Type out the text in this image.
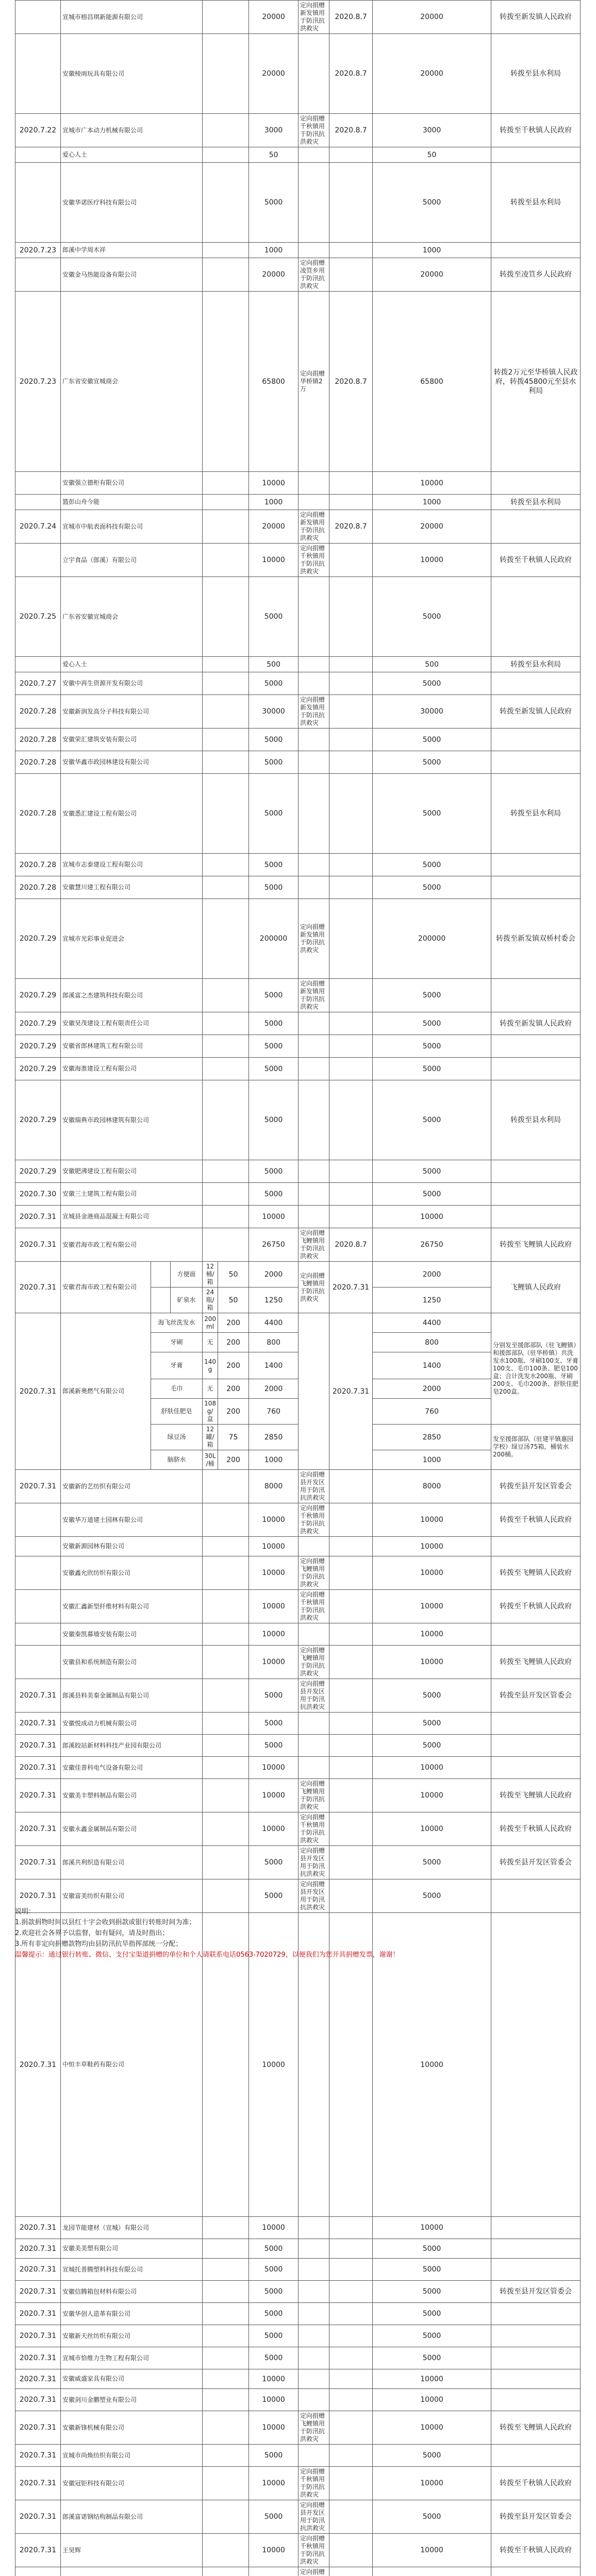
	宣城市榕昌琪新能源有限公司					20000	定向捐赠新发镇用于防汛抗洪救灾	2020.8.7	20000	转拨至新发镇人民政府	
	安徽棱雨玩具有限公司					20000		2020.8.7	20000	转拨至县水利局	
2020.7.22	宣城市广本动力机械有限公司					3000	定向捐赠千秋镇用于防汛抗洪救灾	2020.8.7	3000	转拨至千秋镇人民政府	
	爱心人士					50			50		
	安徽华诺医疗科技有限公司					5000			5000	转拨至县水利局	
2020.7.23	郎溪中学周木祥					1000			1000		
	安徽金马热能设备有限公司					20000	定向捐赠凌笪乡用于防汛抗洪救灾		20000	转拨至凌笪乡人民政府	
2020.7.23	广东省安徽宣城商会					65800	定向捐赠华桥镇2万	2020.8.7	65800	转拨2万元至华桥镇人民政府，转拨45800元至县水利局	
	安徽强立德柜有限公司					10000			10000		
	篮彭山舟今能					1000			1000	转拨至县水利局	
2020.7.24	宣城市中航表面科技有限公司					20000	定向捐赠新发镇用于防汛抗洪救灾	2020.8.7	20000		
	立宇食品（郎溪）有限公司					10000	定向捐赠千秋镇用于防汛抗洪救灾		10000	转拨至千秋镇人民政府	
2020.7.25	广东省安徽宣城商会					5000			5000		
	爱心人士					500			500	转拨至县水利局	
2020.7.27	安徽中再生资源开发有限公司					5000			5000		
2020.7.28	安徽新润发高分子科技有限公司					30000	定向捐赠新发镇用于防汛抗洪救灾		30000	转拨至新发镇人民政府	
2020.7.28	安徽荣汇建筑安装有限公司					5000			5000		
2020.7.28	安徽华鑫市政园林建设有限公司					5000			5000		
2020.7.28	安徽悉汇建设工程有限公司					5000			5000	转拨至县水利局	
2020.7.28	宣城市志泰建设工程有限公司					5000			5000		
2020.7.28	安徽慧川建工程有限公司					5000			5000		
2020.7.29	宣城市光彩事业促进会					200000	定向捐赠新发镇用于防汛抗洪救灾		200000	转拨至新发镇双桥村委会	
2020.7.29	郎溪富之杰建筑科技有限公司					5000	定向捐赠新发镇用于防汛抗洪救灾		5000		
2020.7.29	安徽昊茂建设工程有限责任公司					5000			5000	转拨至新发镇人民政府	
2020.7.29	安徽省郎林建筑工程有限公司					5000			5000		
2020.7.29	安徽海淮建设工程有限公司					5000			5000		
2020.7.29	安徽瑞典市政园林建筑有限公司					5000			5000	转拨至县水利局	
2020.7.29	安徽肥沸建设工程有限公司					5000			5000		
2020.7.30	安徽三土建筑工程有限公司					5000			5000		
2020.7.31	宣城县金港商品混凝土有限公司					10000			10000		
2020.7.31	安徽君海市政工程有限公司					26750	定向捐赠飞鲤镇用于防汛抗洪救灾	2020.8.7	26750	转拨至飞鲤镇人民政府	
2020.7.31	安徽君海市政工程有限公司		方便面	12桶/箱	50	2000	定向捐赠飞鲤镇用于防汛抗洪救灾	2020.7.31	2000	飞鲤镇人民政府	
			矿泉水	24瓶/箱	50	1250			1250		
2020.7.31	郎溪新奥燃气有限公司	海飞丝洗发水		200ml	200	4400		2020.7.31	4400	分别发至援郎部队（驻飞鲤镇）和援郎部队（驻华桥镇）共洗发水100瓶、牙刷100支、牙膏100支、毛巾100条、肥皂100盒；合计洗发水200瓶、牙刷200支、毛巾200条、舒肤佳肥皂200盒。	
		牙刷		无	200	800			800		
		牙膏		140g	200	1400			1400		
		毛巾		无	200	2000			2000		
		舒肤佳肥皂		108g/盒	200	760			760		
		绿豆汤		12罐/箱	75	2850			2850	发至援郎部队（驻建平镇惠园学校）绿豆汤75箱，桶装水200桶。	
		脑脐水		30L/桶	200	1000			1000		
2020.7.31	安徽新的艺纺织有限公司					8000	定向捐赠县开发区用于防汛抗洪救灾		8000	转拨至县开发区管委会	
	安徽华万道建士园林有限公司					10000	定向捐赠千秋镇用于防汛抗洪救灾		10000	转拨至千秋镇人民政府	
	安徽新源园林有限公司					10000			10000		
	安徽鑫允欣纺织有限公司					10000	定向捐赠飞鲤镇用于防汛抗洪救灾		10000	转拨至飞鲤镇人民政府	
	安徽汇鑫新型纤维材料有限公司					10000	定向捐赠千秋镇用于防汛抗洪救灾		10000	转拨至千秋镇人民政府	
	安徽秦凯幕墙安装有限公司					10000			10000		
	安徽县和系统制造有限公司					10000	定向捐赠飞鲤镇用于防汛抗洪救灾		10000	转拨至飞鲤镇人民政府	
2020.7.31	郎溪县料美秦金属制品有限公司					5000	定向捐赠县开发区用于防汛抗洪救灾		5000	转拨至县开发区管委会	
2020.7.31	安徽悦成动力机械有限公司					5000			5000		
2020.7.31	郎溪皎站新材料科技产业园有限公司					5000			5000		
2020.7.31	安徽佳普科电气设备有限公司					10000			10000		
2020.7.31	安徽美丰塑料制品有限公司					10000	定向捐赠飞鲤镇用于防汛抗洪救灾		10000	转拨至飞鲤镇人民政府	
2020.7.31	安徽永鑫金属制品有限公司					10000	定向捐赠千秋镇用于防汛抗洪救灾		10000	转拨至千秋镇人民政府	
2020.7.31	郎溪共利织造有限公司					5000	定向捐赠县开发区用于防汛抗洪救灾		5000	转拨至县开发区管委会	
2020.7.31	安徽富美纺织有限公司					5000	定向捐赠县开发区用于防汛抗洪救灾		5000		
2020.7.31	中恒丰草鞋药有限公司					10000			10000		
2020.7.31	龙园节能建材（宣城）有限公司					10000			10000		
2020.7.31	安徽美美塑有限公司					5000			5000		
2020.7.31	宣城托普腾塑料科技有限公司					5000			5000		
2020.7.31	安徽信腾箱包材料有限公司					5000			5000	转拨至县开发区管委会	
2020.7.31	安徽华创人造革有限公司					5000			5000		
2020.7.31	安徽新天丝纺织有限公司					5000			5000		
2020.7.31	宣城市恰维力生物工程有限公司					5000			5000		
2020.7.31	安徽威盛家具有限公司					10000			10000		
2020.7.31	安徽剑川金鹏塑业有限公司					10000			10000		
2020.7.31	安徽新锋机械有限公司					10000	定向捐赠飞鲤镇用于防汛抗洪救灾		10000	转拨至飞鲤镇人民政府	
2020.7.31	宣城市尚焕纺织有限公司					5000			5000		
2020.7.31	安徽冠钜科技有限公司					10000	定向捐赠千秋镇用于防汛抗洪救灾		10000	转拨至千秋镇人民政府	
2020.7.31	郎溪富诺钢结构制品有限公司					5000	定向捐赠县开发区用于防汛抗洪救灾		5000	转拨至县开发区管委会	
2020.7.31	王昊辉					10000	定向捐赠千秋镇用于防汛抗洪救灾		10000	转拨至千秋镇人民政府	
				定向捐赠				

说明：
1.捐款捐物时间以县红十字会收到捐款或银行转账时间为准；
2.欢迎社会各界予以监督，如有疑问，请及时指出；
3.所有非定向捐赠款物均由县防汛抗旱指挥部统一分配；
温馨提示：通过银行转账、微信、支付宝渠道捐赠的单位和个人请联系电话0563-7020729，以便我们为您开具捐赠发票，谢谢！
